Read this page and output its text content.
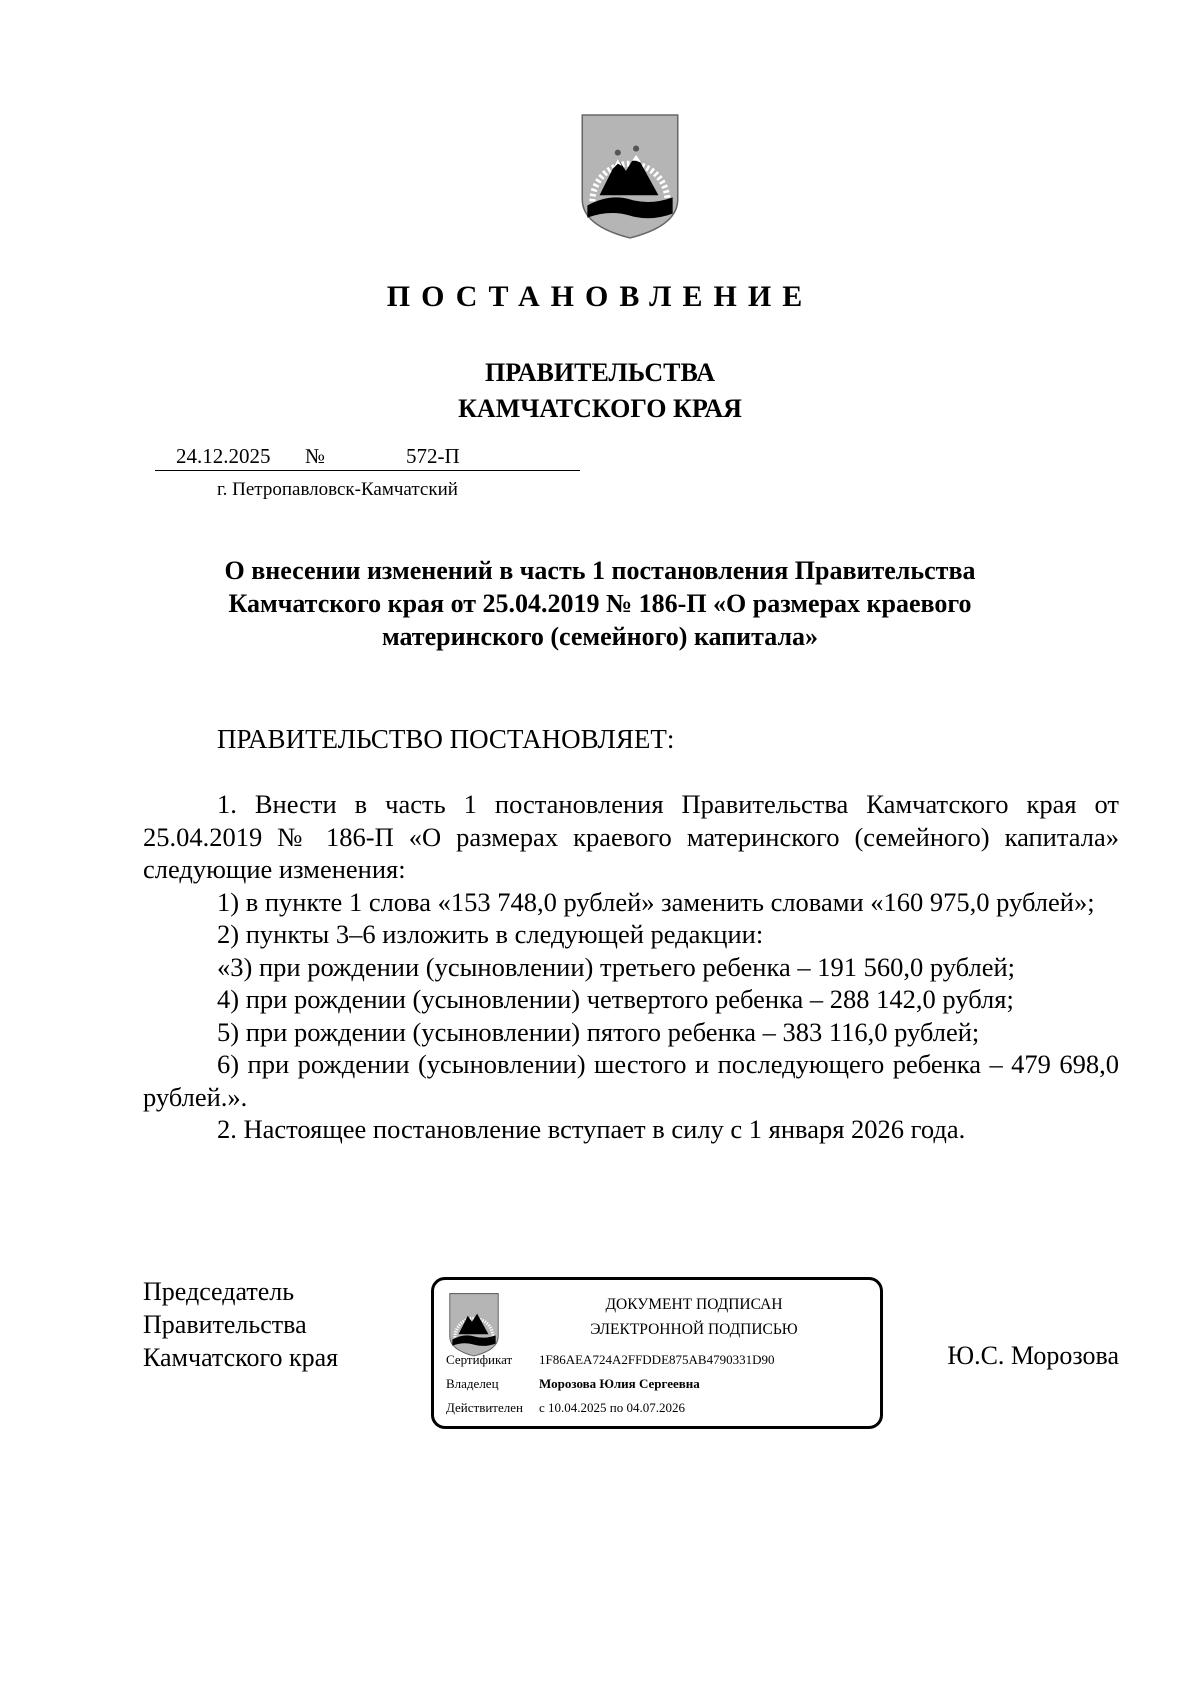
ПОСТАНОВЛЕНИЕ
ПРАВИТЕЛЬСТВА
КАМЧАТСКОГО КРАЯ
24.12.2025 №	572-П
г. Петропавловск-Камчатский
О внесении изменений в часть 1 постановления Правительства
Камчатского края от 25.04.2019 № 186-П «О размерах краевого
материнского (семейного) капитала»
ПРАВИТЕЛЬСТВО ПОСТАНОВЛЯЕТ:

1. Внести в часть 1 постановления Правительства Камчатского края от 25.04.2019 № 186-П «О размерах краевого материнского (семейного) капитала» следующие изменения:

1) в пункте 1 слова «153 748,0 рублей» заменить словами «160 975,0 рублей»;

2) пункты 3–6 изложить в следующей редакции:

«3) при рождении (усыновлении) третьего ребенка – 191 560,0 рублей;

4) при рождении (усыновлении) четвертого ребенка – 288 142,0 рубля;

5) при рождении (усыновлении) пятого ребенка – 383 116,0 рублей;

6) при рождении (усыновлении) шестого и последующего ребенка – 479 698,0 рублей.».

2. Настоящее постановление вступает в силу с 1 января 2026 года.

Председатель
Правительства
Камчатского края
ДОКУМЕНТ ПОДПИСАН
ЭЛЕКТРОННОЙ ПОДПИСЬЮ
Сертификат 1F86AEA724A2FFDDE875AB4790331D90
Владелец	Морозова Юлия Сергеевна
Действителен с 10.04.2025 по 04.07.2026
Ю.С. Морозова
